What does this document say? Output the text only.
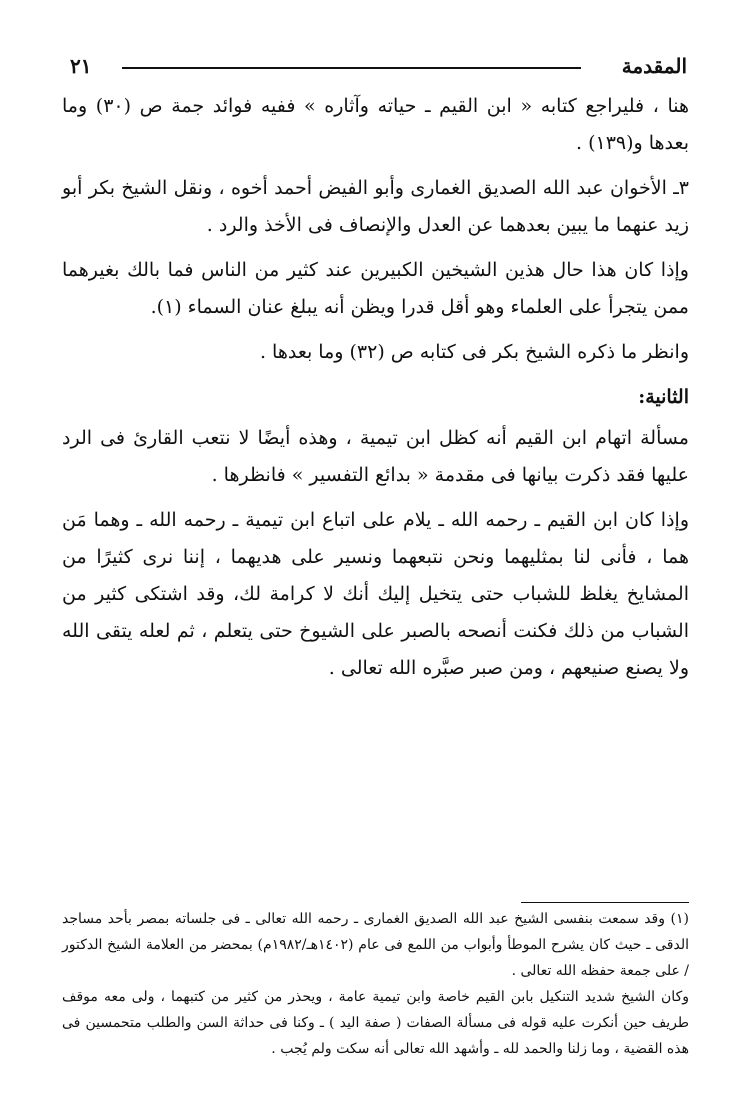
المقدمة
٢١

هنا ، فليراجع كتابه « ابن القيم ـ حياته وآثاره » ففيه فوائد جمة ص (٣٠) وما بعدها و(١٣٩) .

٣ـ الأخوان عبد الله الصديق الغمارى وأبو الفيض أحمد أخوه ، ونقل الشيخ بكر أبو زيد عنهما ما يبين بعدهما عن العدل والإنصاف فى الأخذ والرد .

وإذا كان هذا حال هذين الشيخين الكبيرين عند كثير من الناس فما بالك بغيرهما ممن يتجرأ على العلماء وهو أقل قدرا ويظن أنه يبلغ عنان السماء (١).

وانظر ما ذكره الشيخ بكر فى كتابه ص (٣٢) وما بعدها .

الثانية:

مسألة اتهام ابن القيم أنه كظل ابن تيمية ، وهذه أيضًا لا نتعب القارئ فى الرد عليها فقد ذكرت بيانها فى مقدمة « بدائع التفسير » فانظرها .

وإذا كان ابن القيم ـ رحمه الله ـ يلام على اتباع ابن تيمية ـ رحمه الله ـ وهما مَن هما ، فأنى لنا بمثليهما ونحن نتبعهما ونسير على هديهما ، إننا نرى كثيرًا من المشايخ يغلظ للشباب حتى يتخيل إليك أنك لا كرامة لك، وقد اشتكى كثير من الشباب من ذلك فكنت أنصحه بالصبر على الشيوخ حتى يتعلم ، ثم لعله يتقى الله ولا يصنع صنيعهم ، ومن صبر صبَّره الله تعالى .

(١) وقد سمعت بنفسى الشيخ عبد الله الصديق الغمارى ـ رحمه الله تعالى ـ فى جلساته بمصر بأحد مساجد الدقى ـ حيث كان يشرح الموطأ وأبواب من اللمع فى عام (١٤٠٢هـ/١٩٨٢م) بمحضر من العلامة الشيخ الدكتور / على جمعة حفظه الله تعالى .

وكان الشيخ شديد التنكيل بابن القيم خاصة وابن تيمية عامة ، ويحذر من كثير من كتبهما ، ولى معه موقف طريف حين أنكرت عليه قوله فى مسألة الصفات ( صفة اليد ) ـ وكنا فى حداثة السن والطلب متحمسين فى هذه القضية ، وما زلنا والحمد لله ـ وأشهد الله تعالى أنه سكت ولم يُجب .
